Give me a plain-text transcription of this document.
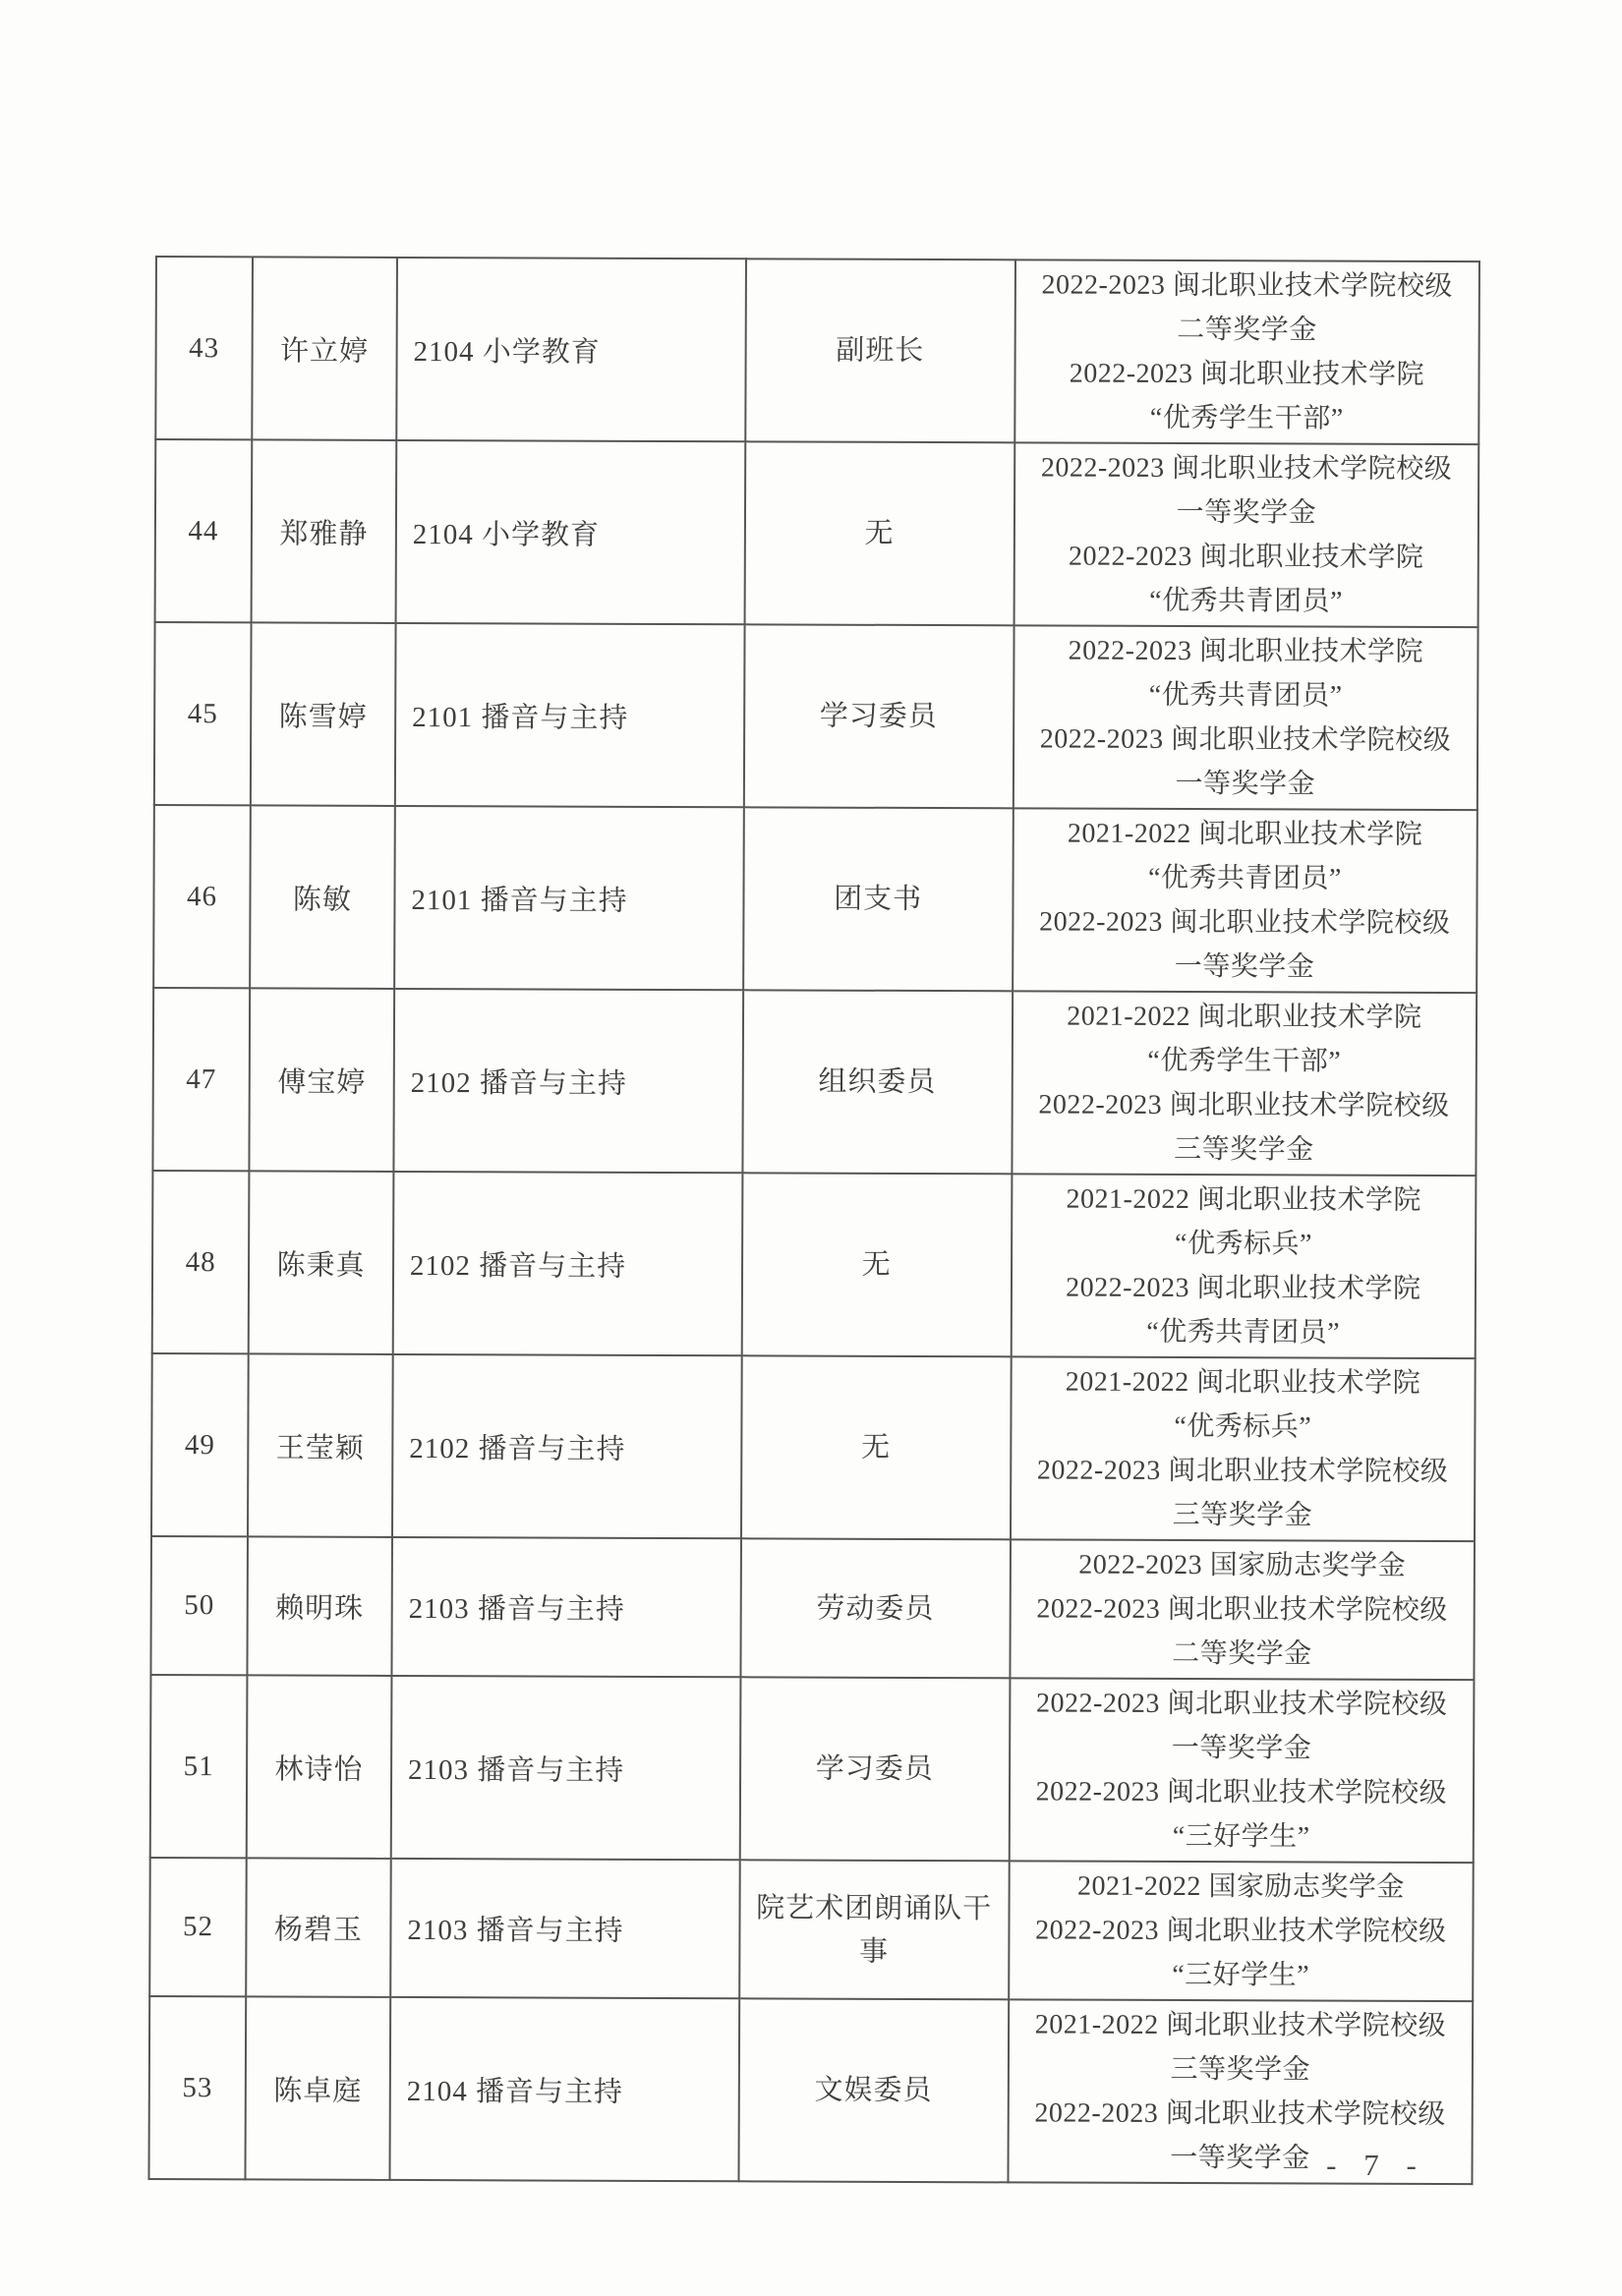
43	许立婷	2104 小学教育	副班长	2022-2023 闽北职业技术学院校级
二等奖学金
2022-2023 闽北职业技术学院
“优秀学生干部”

44	郑雅静	2104 小学教育	无	2022-2023 闽北职业技术学院校级
一等奖学金
2022-2023 闽北职业技术学院
“优秀共青团员”

45	陈雪婷	2101 播音与主持	学习委员	2022-2023 闽北职业技术学院
“优秀共青团员”
2022-2023 闽北职业技术学院校级
一等奖学金

46	陈敏	2101 播音与主持	团支书	2021-2022 闽北职业技术学院
“优秀共青团员”
2022-2023 闽北职业技术学院校级
一等奖学金

47	傅宝婷	2102 播音与主持	组织委员	2021-2022 闽北职业技术学院
“优秀学生干部”
2022-2023 闽北职业技术学院校级
三等奖学金

48	陈秉真	2102 播音与主持	无	2021-2022 闽北职业技术学院
“优秀标兵”
2022-2023 闽北职业技术学院
“优秀共青团员”

49	王莹颖	2102 播音与主持	无	2021-2022 闽北职业技术学院
“优秀标兵”
2022-2023 闽北职业技术学院校级
三等奖学金

50	赖明珠	2103 播音与主持	劳动委员	2022-2023 国家励志奖学金
2022-2023 闽北职业技术学院校级
二等奖学金

51	林诗怡	2103 播音与主持	学习委员	2022-2023 闽北职业技术学院校级
一等奖学金
2022-2023 闽北职业技术学院校级
“三好学生”

52	杨碧玉	2103 播音与主持	院艺术团朗诵队干事	2021-2022 国家励志奖学金
2022-2023 闽北职业技术学院校级
“三好学生”

53	陈卓庭	2104 播音与主持	文娱委员	2021-2022 闽北职业技术学院校级
三等奖学金
2022-2023 闽北职业技术学院校级
一等奖学金 - 7 -
